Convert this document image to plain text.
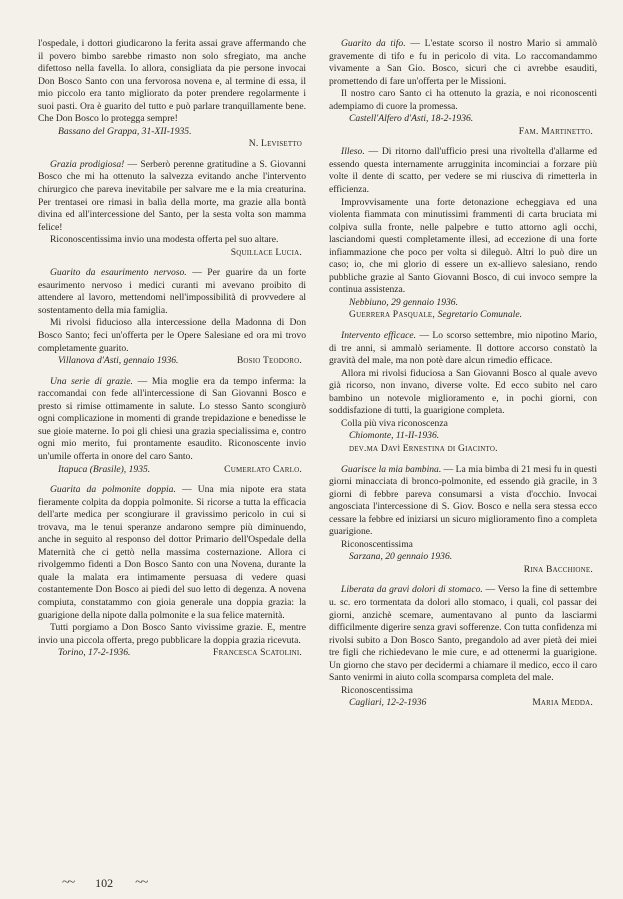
l'ospedale, i dottori giudicarono la ferita assai grave affermando che il povero bimbo sarebbe rimasto non solo sfregiato, ma anche difettoso nella favella. Io allora, consigliata da pie persone invocai Don Bosco Santo con una fervorosa novena e, al termine di essa, il mio piccolo era tanto migliorato da poter prendere regolarmente i suoi pasti. Ora è guarito del tutto e può parlare tranquillamente bene. Che Don Bosco lo protegga sempre!

Bassano del Grappa, 31-XII-1935.

N. Levisetto

Grazia prodigiosa! — Serberò perenne gratitudine a S. Giovanni Bosco che mi ha ottenuto la salvezza evitando anche l'intervento chirurgico che pareva inevitabile per salvare me e la mia creaturina. Per trentasei ore rimasi in balìa della morte, ma grazie alla bontà divina ed all'intercessione del Santo, per la sesta volta son mamma felice!

Riconoscentissima invio una modesta offerta pel suo altare.

Squillace Lucia.

Guarito da esaurimento nervoso. — Per guarire da un forte esaurimento nervoso i medici curanti mi avevano proibito di attendere al lavoro, mettendomi nell'impossibilità di provvedere al sostentamento della mia famiglia.

Mi rivolsi fiducioso alla intercessione della Madonna di Don Bosco Santo; feci un'offerta per le Opere Salesiane ed ora mi trovo completamente guarito.

Villanova d'Asti, gennaio 1936.	Bosio Teodoro.

Una serie di grazie. — Mia moglie era da tempo inferma: la raccomandai con fede all'intercessione di San Giovanni Bosco e presto si rimise ottimamente in salute. Lo stesso Santo scongiurò ogni complicazione in momenti di grande trepidazione e benedisse le sue gioie materne. Io poi gli chiesi una grazia specialissima e, contro ogni mio merito, fui prontamente esaudito. Riconoscente invio un'umile offerta in onore del caro Santo.

Itapuca (Brasile), 1935.	Cumerlato Carlo.

Guarita da polmonite doppia. — Una mia nipote era stata fieramente colpita da doppia polmonite. Si ricorse a tutta la efficacia dell'arte medica per scongiurare il gravissimo pericolo in cui si trovava, ma le tenui speranze andarono sempre più diminuendo, anche in seguito al responso del dottor Primario dell'Ospedale della Maternità che ci gettò nella massima costernazione. Allora ci rivolgemmo fidenti a Don Bosco Santo con una Novena, durante la quale la malata era intimamente persuasa di vedere quasi costantemente Don Bosco ai piedi del suo letto di degenza. A novena compiuta, constatammo con gioia generale una doppia grazia: la guarigione della nipote dalla polmonite e la sua felice maternità.

Tutti porgiamo a Don Bosco Santo vivissime grazie. E, mentre invio una piccola offerta, prego pubblicare la doppia grazia ricevuta.

Torino, 17-2-1936.	Francesca Scatolini.

Guarito da tifo. — L'estate scorso il nostro Mario si ammalò gravemente di tifo e fu in pericolo di vita. Lo raccomandammo vivamente a San Gio. Bosco, sicuri che ci avrebbe esauditi, promettendo di fare un'offerta per le Missioni.

Il nostro caro Santo ci ha ottenuto la grazia, e noi riconoscenti adempiamo di cuore la promessa.

Castell'Alfero d'Asti, 18-2-1936.

Fam. Martinetto.

Illeso. — Di ritorno dall'ufficio presi una rivoltella d'allarme ed essendo questa internamente arrugginita incominciai a forzare più volte il dente di scatto, per vedere se mi riusciva di rimetterla in efficienza.

Improvvisamente una forte detonazione echeggiava ed una violenta fiammata con minutissimi frammenti di carta bruciata mi colpiva sulla fronte, nelle palpebre e tutto attorno agli occhi, lasciandomi questi completamente illesi, ad eccezione di una forte infiammazione che poco per volta si dileguò. Altri lo può dire un caso; io, che mi glorio di essere un ex-allievo salesiano, rendo pubbliche grazie al Santo Giovanni Bosco, di cui invoco sempre la continua assistenza.

Nebbiuno, 29 gennaio 1936.

Guerrera Pasquale, Segretario Comunale.

Intervento efficace. — Lo scorso settembre, mio nipotino Mario, di tre anni, si ammalò seriamente. Il dottore accorso constatò la gravità del male, ma non potè dare alcun rimedio efficace.

Allora mi rivolsi fiduciosa a San Giovanni Bosco al quale avevo già ricorso, non invano, diverse volte. Ed ecco subito nel caro bambino un notevole miglioramento e, in pochi giorni, con soddisfazione di tutti, la guarigione completa.

Colla più viva riconoscenza

Chiomonte, 11-II-1936.

dev.ma Davì Ernestina di Giacinto.

Guarisce la mia bambina. — La mia bimba di 21 mesi fu in questi giorni minacciata di bronco-polmonite, ed essendo già gracile, in 3 giorni di febbre pareva consumarsi a vista d'occhio. Invocai angosciata l'intercessione di S. Giov. Bosco e nella sera stessa ecco cessare la febbre ed iniziarsi un sicuro miglioramento fino a completa guarigione.

Riconoscentissima

Sarzana, 20 gennaio 1936.

Rina Bacchione.

Liberata da gravi dolori di stomaco. — Verso la fine di settembre u. sc. ero tormentata da dolori allo stomaco, i quali, col passar dei giorni, anzichè scemare, aumentavano al punto da lasciarmi difficilmente digerire senza gravi sofferenze. Con tutta confidenza mi rivolsi subito a Don Bosco Santo, pregandolo ad aver pietà dei miei tre figli che richiedevano le mie cure, e ad ottenermi la guarigione. Un giorno che stavo per decidermi a chiamare il medico, ecco il caro Santo venirmi in aiuto colla scomparsa completa del male.

Riconoscentissima

Cagliari, 12-2-1936	Maria Medda.
~~ 102 ~~
